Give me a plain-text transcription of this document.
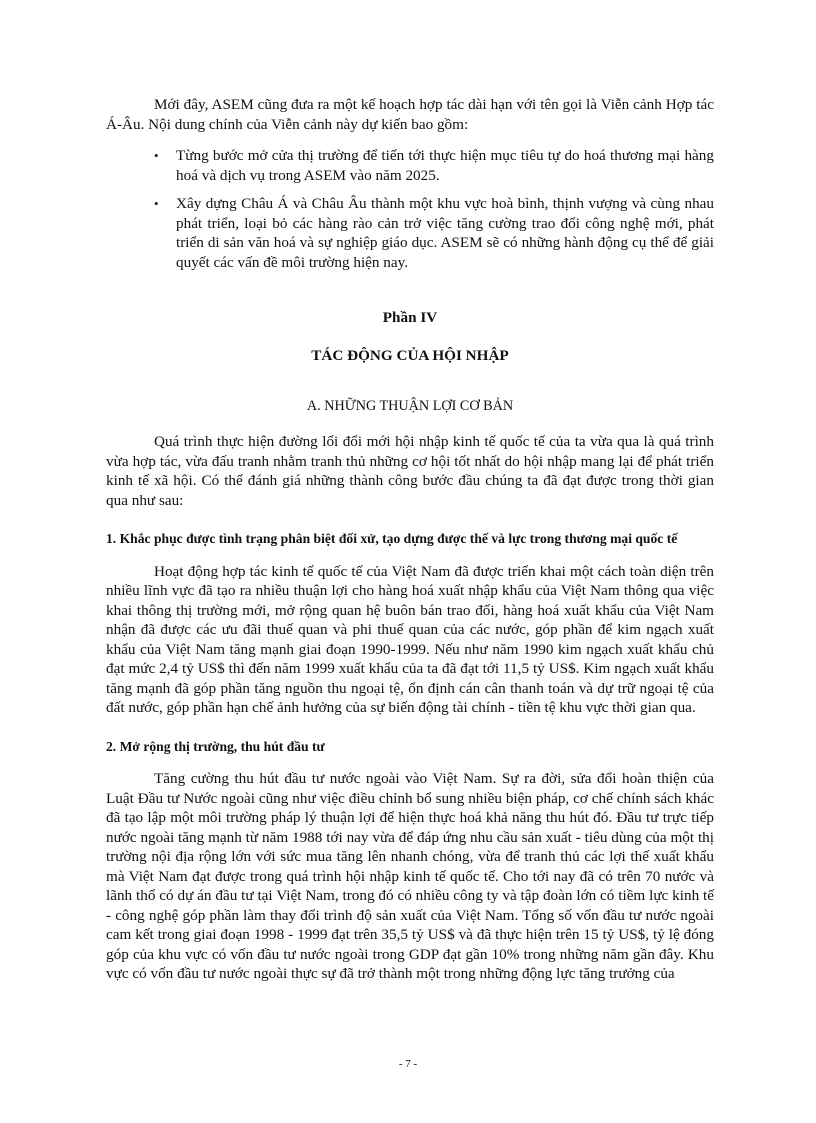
Mới đây, ASEM cũng đưa ra một kế hoạch hợp tác dài hạn với tên gọi là Viễn cảnh Hợp tác Á-Âu. Nội dung chính của Viễn cảnh này dự kiến bao gồm:

• Từng bước mở cửa thị trường để tiến tới thực hiện mục tiêu tự do hoá thương mại hàng hoá và dịch vụ trong ASEM vào năm 2025.
• Xây dựng Châu Á và Châu Âu thành một khu vực hoà bình, thịnh vượng và cùng nhau phát triển, loại bỏ các hàng rào cản trở việc tăng cường trao đổi công nghệ mới, phát triển di sản văn hoá và sự nghiệp giáo dục. ASEM sẽ có những hành động cụ thể để giải quyết các vấn đề môi trường hiện nay.
Phần IV
TÁC ĐỘNG CỦA HỘI NHẬP
A. NHỮNG THUẬN LỢI CƠ BẢN

Quá trình thực hiện đường lối đổi mới hội nhập kinh tế quốc tế của ta vừa qua là quá trình vừa hợp tác, vừa đấu tranh nhằm tranh thủ những cơ hội tốt nhất do hội nhập mang lại để phát triển kinh tế xã hội. Có thể đánh giá những thành công bước đầu chúng ta đã đạt được trong thời gian qua như sau:

1. Khắc phục được tình trạng phân biệt đối xử, tạo dựng được thế và lực trong thương mại quốc tế

Hoạt động hợp tác kinh tế quốc tế của Việt Nam đã được triển khai một cách toàn diện trên nhiều lĩnh vực đã tạo ra nhiều thuận lợi cho hàng hoá xuất nhập khẩu của Việt Nam thông qua việc khai thông thị trường mới, mở rộng quan hệ buôn bán trao đổi, hàng hoá xuất khẩu của Việt Nam nhận đã được các ưu đãi thuế quan và phi thuế quan của các nước, góp phần để kim ngạch xuất khẩu của Việt Nam tăng mạnh giai đoạn 1990-1999. Nếu như năm 1990 kim ngạch xuất khẩu chủ đạt mức 2,4 tỷ US$ thì đến năm 1999 xuất khẩu của ta đã đạt tới 11,5 tỷ US$. Kim ngạch xuất khẩu tăng mạnh đã góp phần tăng nguồn thu ngoại tệ, ổn định cán cân thanh toán và dự trữ ngoại tệ của đất nước, góp phần hạn chế ảnh hưởng của sự biến động tài chính - tiền tệ khu vực thời gian qua.

2. Mở rộng thị trường, thu hút đầu tư

Tăng cường thu hút đầu tư nước ngoài vào Việt Nam. Sự ra đời, sửa đổi hoàn thiện của Luật Đầu tư Nước ngoài cũng như việc điều chỉnh bổ sung nhiều biện pháp, cơ chế chính sách khác đã tạo lập một môi trường pháp lý thuận lợi để hiện thực hoá khả năng thu hút đó. Đầu tư trực tiếp nước ngoài tăng mạnh từ năm 1988 tới nay vừa để đáp ứng nhu cầu sản xuất - tiêu dùng của một thị trường nội địa rộng lớn với sức mua tăng lên nhanh chóng, vừa để tranh thủ các lợi thế xuất khẩu mà Việt Nam đạt được trong quá trình hội nhập kinh tế quốc tế. Cho tới nay đã có trên 70 nước và lãnh thổ có dự án đầu tư tại Việt Nam, trong đó có nhiều công ty và tập đoàn lớn có tiềm lực kinh tế - công nghệ góp phần làm thay đổi trình độ sản xuất của Việt Nam. Tổng số vốn đầu tư nước ngoài cam kết trong giai đoạn 1998 - 1999 đạt trên 35,5 tỷ US$ và đã thực hiện trên 15 tỷ US$, tỷ lệ đóng góp của khu vực có vốn đầu tư nước ngoài trong GDP đạt gần 10% trong những năm gần đây. Khu vực có vốn đầu tư nước ngoài thực sự đã trở thành một trong những động lực tăng trưởng của

- 7 -
